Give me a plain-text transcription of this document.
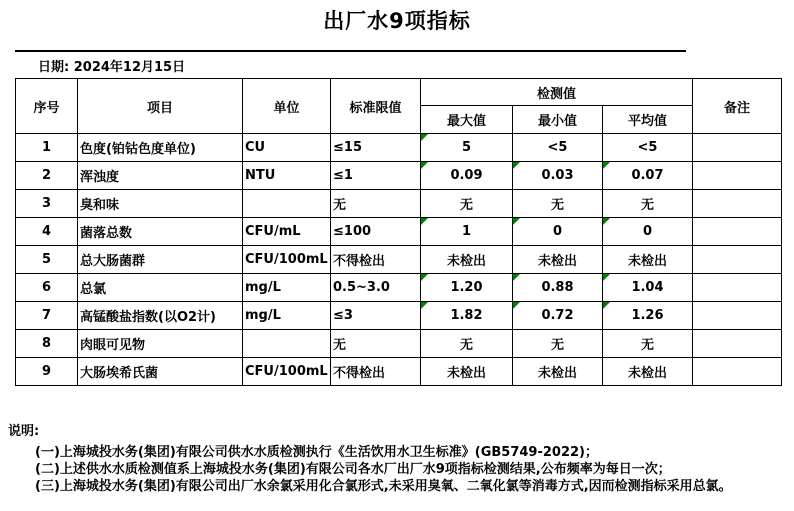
出厂水9项指标
日期: 2024年12月15日
序号	项目	单位	标准限值	检测值			备注
				最大值	最小值	平均值	
1	色度(铂钴色度单位)	CU	≤15	5	<5	<5	
2	浑浊度	NTU	≤1	0.09	0.03	0.07	
3	臭和味		无	无	无	无	
4	菌落总数	CFU/mL	≤100	1	0	0	
5	总大肠菌群	CFU/100mL	不得检出	未检出	未检出	未检出	
6	总氯	mg/L	0.5~3.0	1.20	0.88	1.04	
7	高锰酸盐指数(以O2计)	mg/L	≤3	1.82	0.72	1.26	
8	肉眼可见物		无	无	无	无	
9	大肠埃希氏菌	CFU/100mL	不得检出	未检出	未检出	未检出	
说明:
(一)上海城投水务(集团)有限公司供水水质检测执行《生活饮用水卫生标准》(GB5749-2022)；
(二)上述供水水质检测值系上海城投水务(集团)有限公司各水厂出厂水9项指标检测结果,公布频率为每日一次；
(三)上海城投水务(集团)有限公司出厂水余氯采用化合氯形式,未采用臭氧、二氧化氯等消毒方式,因而检测指标采用总氯。
